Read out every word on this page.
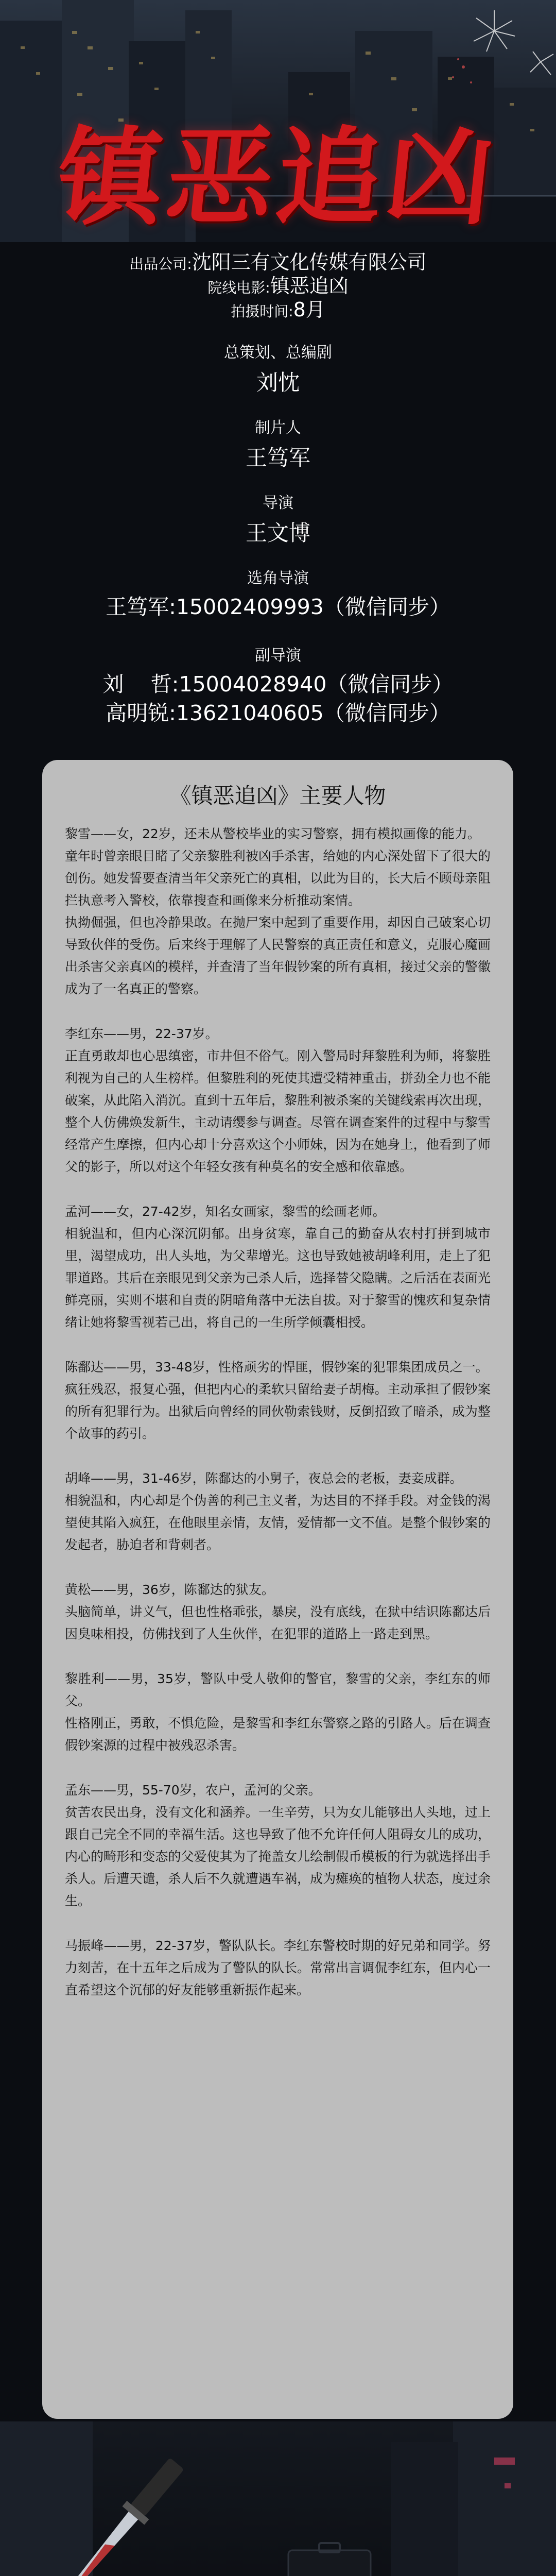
镇恶追凶
出品公司:沈阳三有文化传媒有限公司
院线电影:镇恶追凶
拍摄时间:8月
总策划、总编剧
刘忱
制片人
王笃军
导演
王文博
选角导演
王笃军:15002409993（微信同步）
副导演
刘    哲:15004028940（微信同步）
高明锐:13621040605（微信同步）
《镇恶追凶》主要人物

黎雪——女，22岁，还未从警校毕业的实习警察，拥有模拟画像的能力。

童年时曾亲眼目睹了父亲黎胜利被凶手杀害，给她的内心深处留下了很大的创伤。她发誓要查清当年父亲死亡的真相，以此为目的，长大后不顾母亲阻拦执意考入警校，依靠搜查和画像来分析推动案情。

执拗倔强，但也冷静果敢。在抛尸案中起到了重要作用，却因自己破案心切导致伙伴的受伤。后来终于理解了人民警察的真正责任和意义，克服心魔画出杀害父亲真凶的模样，并查清了当年假钞案的所有真相，接过父亲的警徽成为了一名真正的警察。

李红东——男，22-37岁。

正直勇敢却也心思缜密，市井但不俗气。刚入警局时拜黎胜利为师，将黎胜利视为自己的人生榜样。但黎胜利的死使其遭受精神重击，拼劲全力也不能破案，从此陷入消沉。直到十五年后，黎胜利被杀案的关键线索再次出现，整个人仿佛焕发新生，主动请缨参与调查。尽管在调查案件的过程中与黎雪经常产生摩擦，但内心却十分喜欢这个小师妹，因为在她身上，他看到了师父的影子，所以对这个年轻女孩有种莫名的安全感和依靠感。

孟河——女，27-42岁，知名女画家，黎雪的绘画老师。

相貌温和，但内心深沉阴郁。出身贫寒，靠自己的勤奋从农村打拼到城市里，渴望成功，出人头地，为父辈增光。这也导致她被胡峰利用，走上了犯罪道路。其后在亲眼见到父亲为己杀人后，选择替父隐瞒。之后活在表面光鲜亮丽，实则不堪和自责的阴暗角落中无法自拔。对于黎雪的愧疚和复杂情绪让她将黎雪视若己出，将自己的一生所学倾囊相授。

陈鄱达——男，33-48岁，性格顽劣的悍匪，假钞案的犯罪集团成员之一。

疯狂残忍，报复心强，但把内心的柔软只留给妻子胡梅。主动承担了假钞案的所有犯罪行为。出狱后向曾经的同伙勒索钱财，反倒招致了暗杀，成为整个故事的药引。

胡峰——男，31-46岁，陈鄱达的小舅子，夜总会的老板，妻妾成群。

相貌温和，内心却是个伪善的利己主义者，为达目的不择手段。对金钱的渴望使其陷入疯狂，在他眼里亲情，友情，爱情都一文不值。是整个假钞案的发起者，胁迫者和背刺者。

黄松——男，36岁，陈鄱达的狱友。

头脑简单，讲义气，但也性格乖张，暴戾，没有底线，在狱中结识陈鄱达后因臭味相投，仿佛找到了人生伙伴，在犯罪的道路上一路走到黑。

黎胜利——男，35岁，警队中受人敬仰的警官，黎雪的父亲，李红东的师父。

性格刚正，勇敢，不惧危险，是黎雪和李红东警察之路的引路人。后在调查假钞案源的过程中被残忍杀害。

孟东——男，55-70岁，农户，孟河的父亲。

贫苦农民出身，没有文化和涵养。一生辛劳，只为女儿能够出人头地，过上跟自己完全不同的幸福生活。这也导致了他不允许任何人阻碍女儿的成功，内心的畸形和变态的父爱使其为了掩盖女儿绘制假币模板的行为就选择出手杀人。后遭天谴，杀人后不久就遭遇车祸，成为瘫痪的植物人状态，度过余生。

马振峰——男，22-37岁，警队队长。李红东警校时期的好兄弟和同学。努力刻苦，在十五年之后成为了警队的队长。常常出言调侃李红东，但内心一直希望这个沉郁的好友能够重新振作起来。
